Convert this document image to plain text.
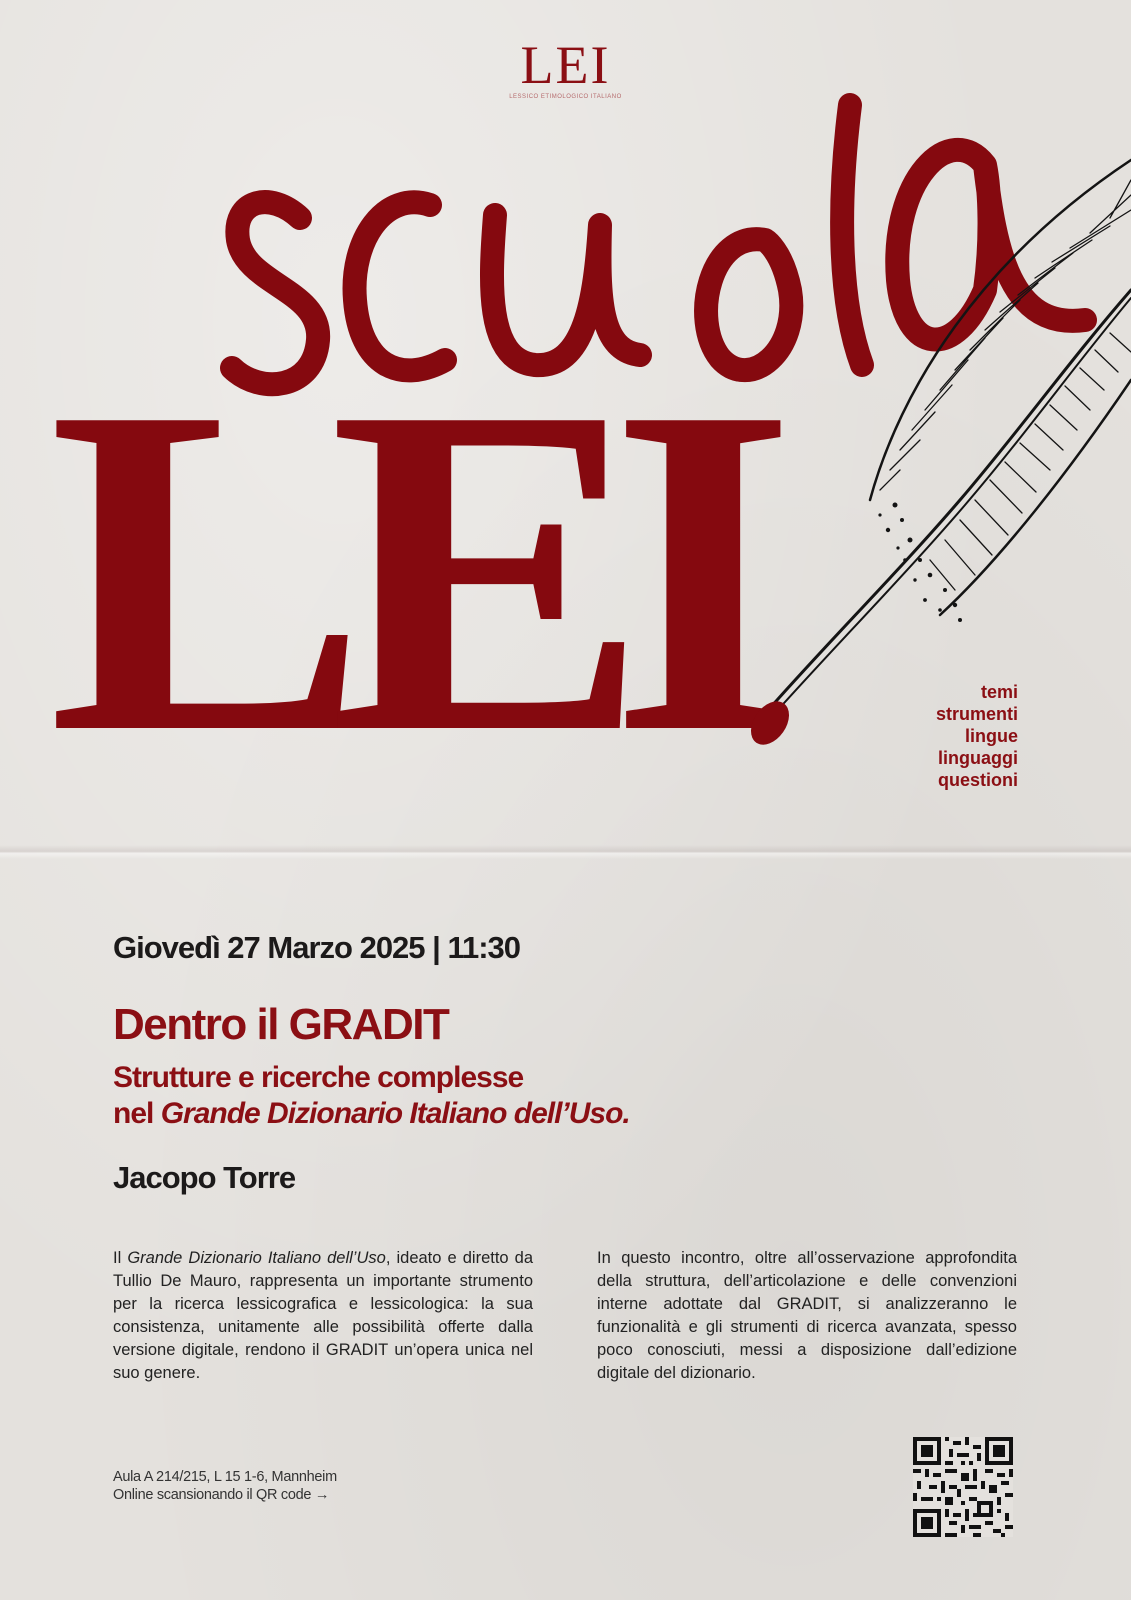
LEI
LESSICO ETIMOLOGICO ITALIANO
LEI	temi
strumenti
lingue
linguaggi
questioni
Giovedì 27 Marzo 2025 | 11:30
Dentro il GRADIT
Strutture e ricerche complesse
nel Grande Dizionario Italiano dell’Uso.
Jacopo Torre
Il Grande Dizionario Italiano dell’Uso, ideato e diretto da Tullio De Mauro, rappresenta un importante strumento per la ricerca lessicografica e lessicologica: la sua consistenza, unitamente alle possibilità offerte dalla versione digitale, rendono il GRADIT un’opera unica nel suo genere.
In questo incontro, oltre all’osservazione approfondita della struttura, dell’articolazione e delle convenzioni interne adottate dal GRADIT, si analizzeranno le funzionalità e gli strumenti di ricerca avanzata, spesso poco conosciuti, messi a disposizione dall’edizione digitale del dizionario.
Aula A 214/215, L 15 1-6, Mannheim
Online scansionando il QR code →
